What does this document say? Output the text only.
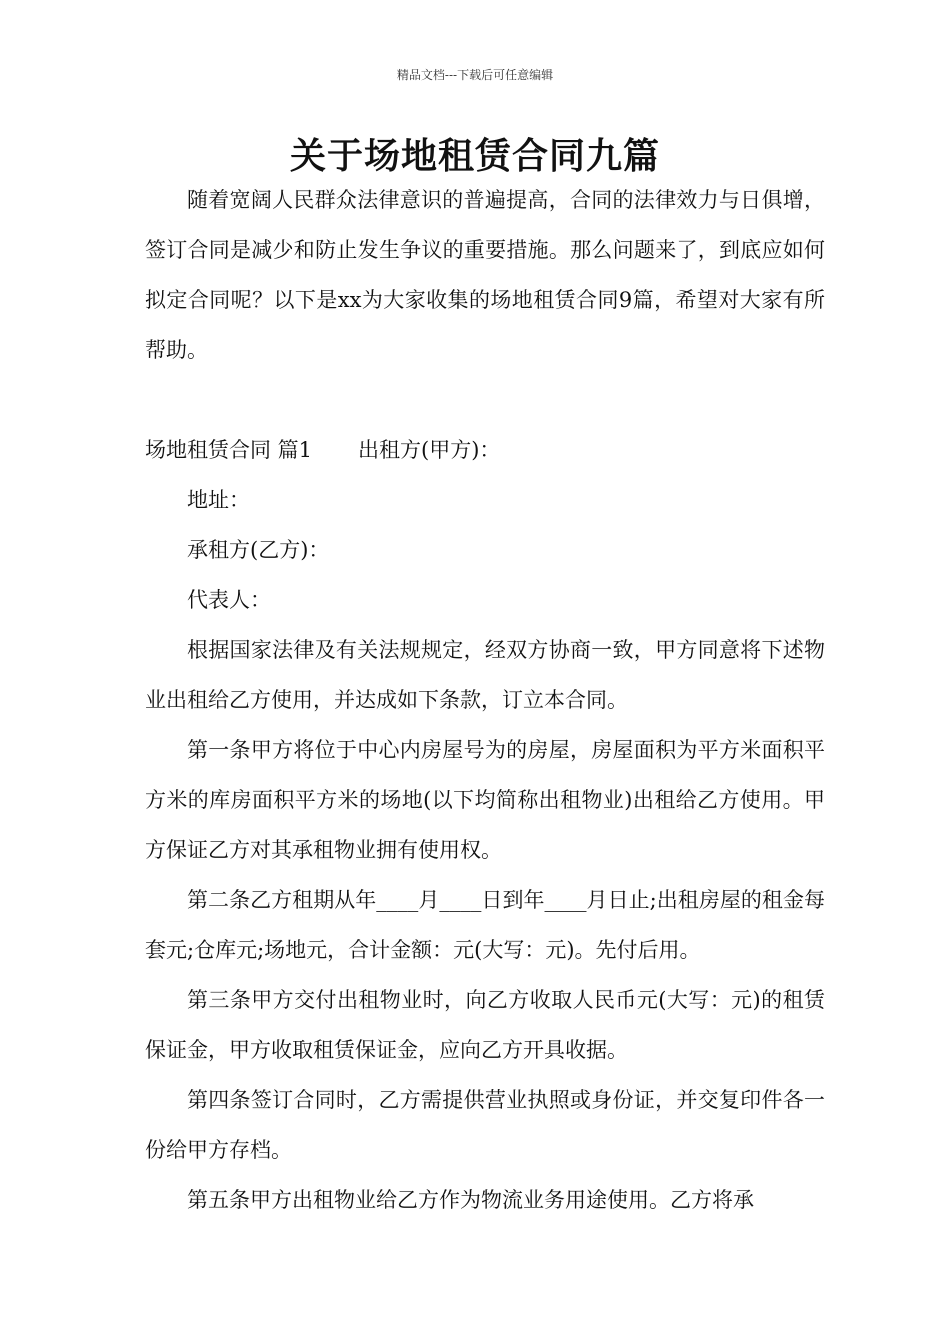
精品文档---下载后可任意编辑
关于场地租赁合同九篇

随着宽阔人民群众法律意识的普遍提高，合同的法律效力与日俱增，签订合同是减少和防止发生争议的重要措施。那么问题来了，到底应如何拟定合同呢？以下是xx为大家收集的场地租赁合同9篇，希望对大家有所帮助。

场地租赁合同 篇1 出租方(甲方)：

地址：

承租方(乙方)：

代表人：

根据国家法律及有关法规规定，经双方协商一致，甲方同意将下述物业出租给乙方使用，并达成如下条款，订立本合同。

第一条甲方将位于中心内房屋号为的房屋，房屋面积为平方米面积平方米的库房面积平方米的场地(以下均简称出租物业)出租给乙方使用。甲方保证乙方对其承租物业拥有使用权。

第二条乙方租期从年____月____日到年____月日止;出租房屋的租金每套元;仓库元;场地元，合计金额：元(大写：元)。先付后用。

第三条甲方交付出租物业时，向乙方收取人民币元(大写：元)的租赁保证金，甲方收取租赁保证金，应向乙方开具收据。

第四条签订合同时，乙方需提供营业执照或身份证，并交复印件各一份给甲方存档。

第五条甲方出租物业给乙方作为物流业务用途使用。乙方将承
